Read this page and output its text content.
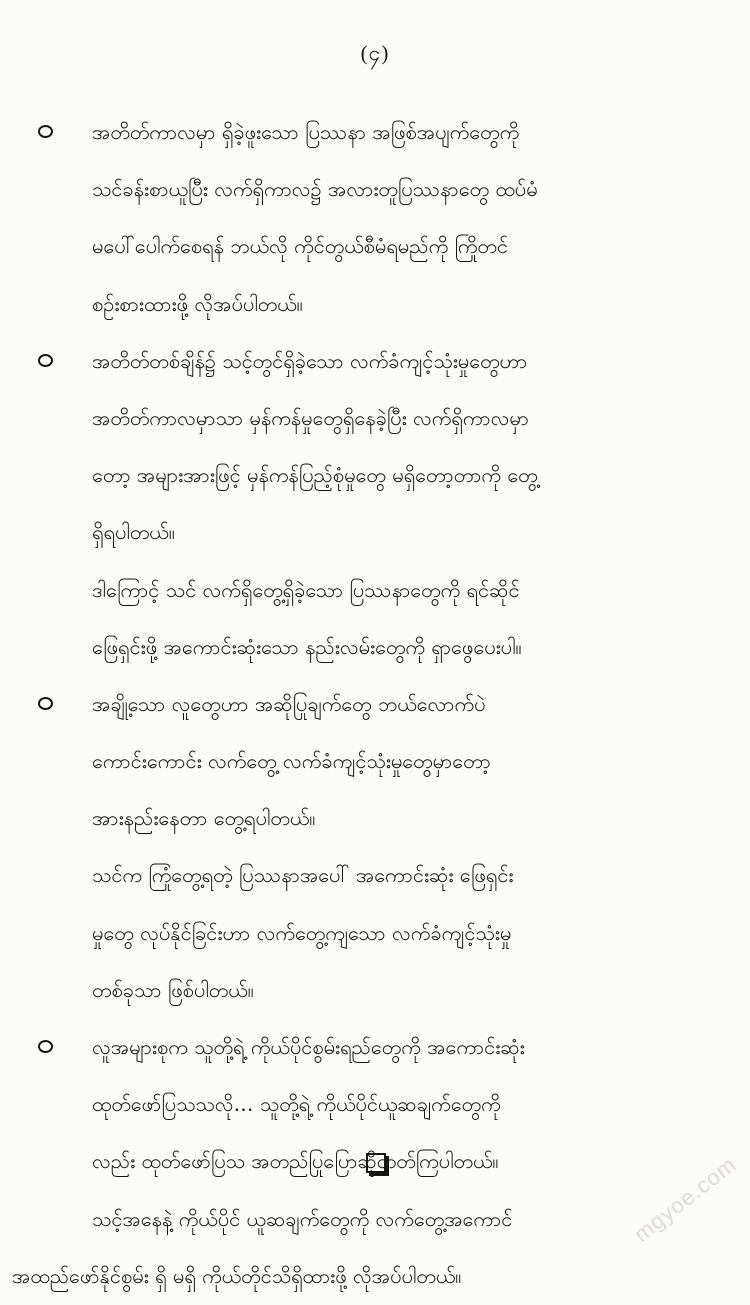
(၄)
အတိတ်ကာလမှာ ရှိခဲ့ဖူးသော ပြဿနာ အဖြစ်အပျက်တွေကို
သင်ခန်းစာယူပြီး လက်ရှိကာလ၌ အလားတူပြဿနာတွေ ထပ်မံ
မပေါ်ပေါက်စေရန် ဘယ်လို ကိုင်တွယ်စီမံရမည်ကို ကြိုတင်
စဉ်းစားထားဖို့ လိုအပ်ပါတယ်။
အတိတ်တစ်ချိန်၌ သင့်တွင်ရှိခဲ့သော လက်ခံကျင့်သုံးမှုတွေဟာ
အတိတ်ကာလမှာသာ မှန်ကန်မှုတွေရှိနေခဲ့ပြီး လက်ရှိကာလမှာ
တော့ အများအားဖြင့် မှန်ကန်ပြည့်စုံမှုတွေ မရှိတော့တာကို တွေ့
ရှိရပါတယ်။
ဒါကြောင့် သင် လက်ရှိတွေ့ရှိခဲ့သော ပြဿနာတွေကို ရင်ဆိုင်
ဖြေရှင်းဖို့ အကောင်းဆုံးသော နည်းလမ်းတွေကို ရှာဖွေပေးပါ။
အချို့သော လူတွေဟာ အဆိုပြုချက်တွေ ဘယ်လောက်ပဲ
ကောင်းကောင်း လက်တွေ့ လက်ခံကျင့်သုံးမှုတွေမှာတော့
အားနည်းနေတာ တွေ့ရပါတယ်။
သင်က ကြုံတွေ့ရတဲ့ ပြဿနာအပေါ် အကောင်းဆုံး ဖြေရှင်း
မှုတွေ လုပ်နိုင်ခြင်းဟာ လက်တွေ့ကျသော လက်ခံကျင့်သုံးမှု
တစ်ခုသာ ဖြစ်ပါတယ်။
လူအများစုက သူတို့ရဲ့ ကိုယ်ပိုင်စွမ်းရည်တွေကို အကောင်းဆုံး
ထုတ်ဖော်ပြသသလို… သူတို့ရဲ့ ကိုယ်ပိုင်ယူဆချက်တွေကို
လည်း ထုတ်ဖော်ပြသ အတည်ပြုပြောဆိုတတ်ကြပါတယ်။
သင့်အနေနဲ့ ကိုယ်ပိုင် ယူဆချက်တွေကို လက်တွေ့အကောင်
အထည်ဖော်နိုင်စွမ်း ရှိ မရှိ ကိုယ်တိုင်သိရှိထားဖို့ လိုအပ်ပါတယ်။
mgyoe.com
